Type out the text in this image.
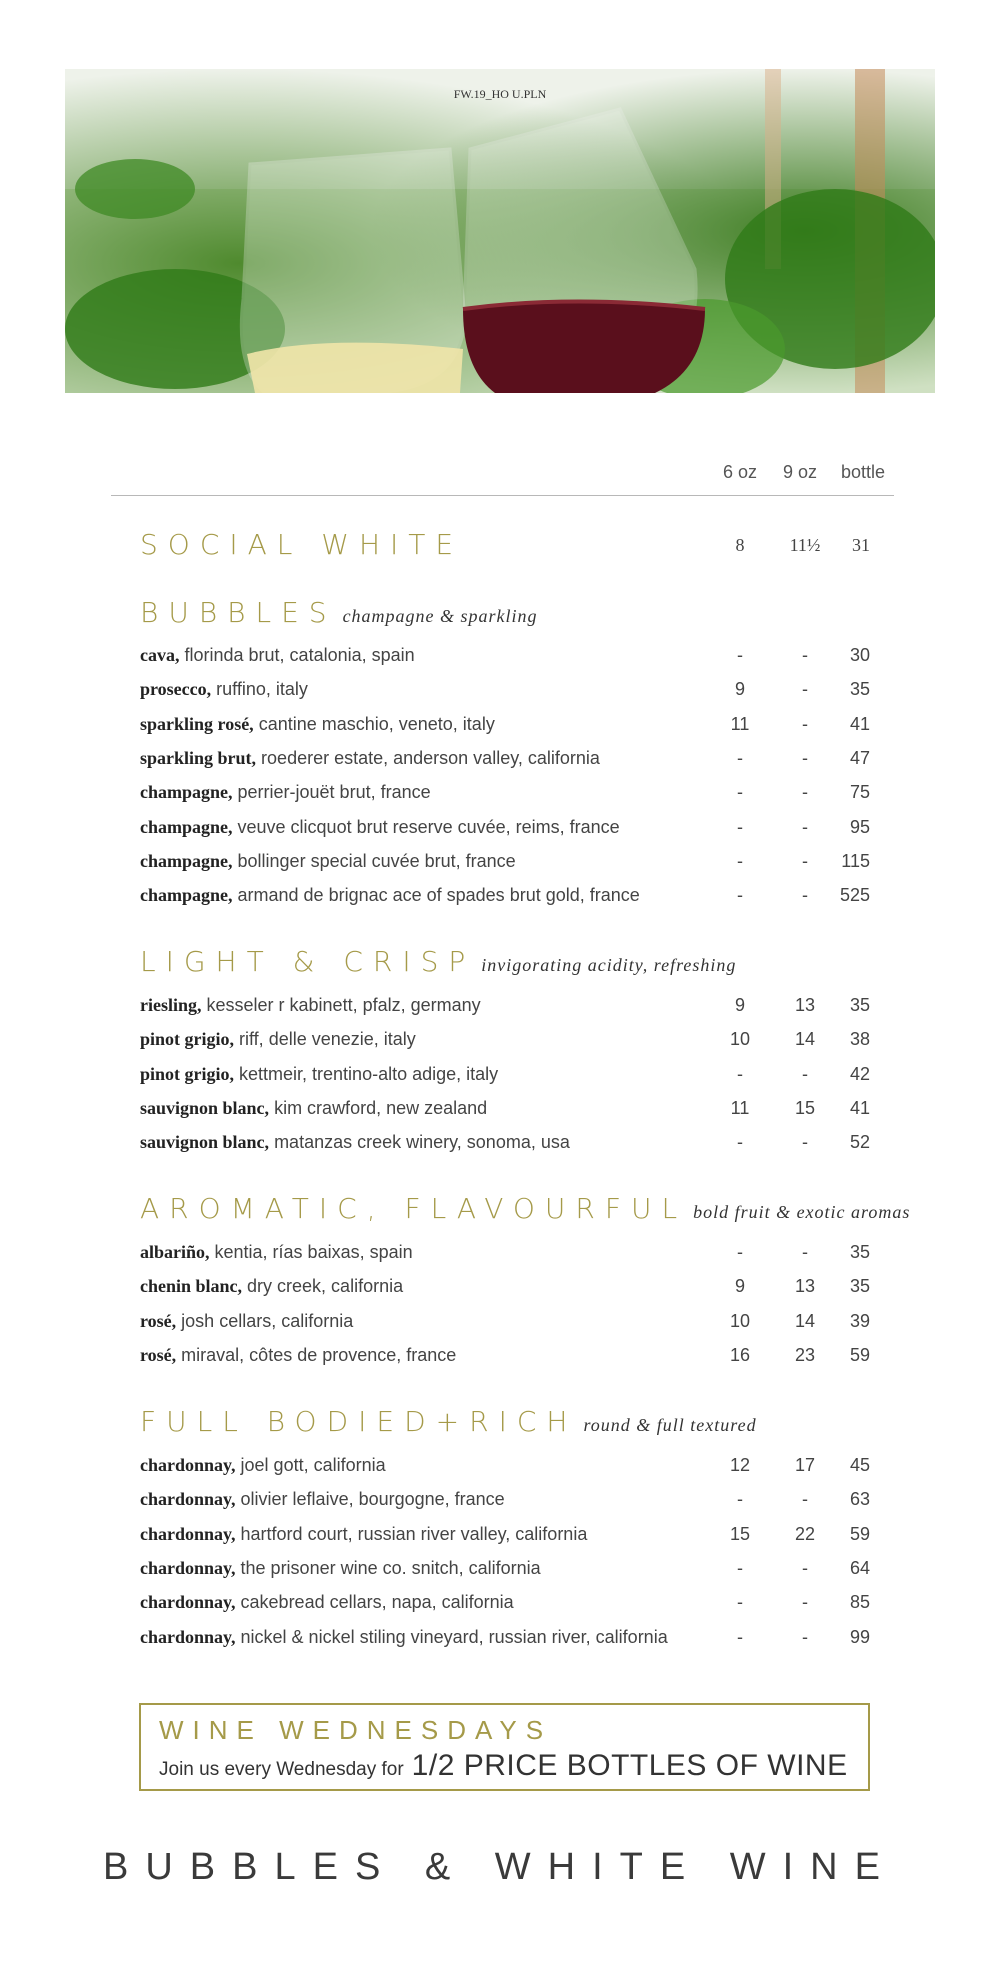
FW.19_HO U.PLN
6 oz	9 oz	bottle
SOCIAL WHITE	8	11½	31
BUBBLES champagne & sparkling
cava, florinda brut, catalonia, spain	-	-	30
prosecco, ruffino, italy	9	-	35
sparkling rosé, cantine maschio, veneto, italy	11	-	41
sparkling brut, roederer estate, anderson valley, california	-	-	47
champagne, perrier-jouët brut, france	-	-	75
champagne, veuve clicquot brut reserve cuvée, reims, france	-	-	95
champagne, bollinger special cuvée brut, france	-	-	115
champagne, armand de brignac ace of spades brut gold, france	-	-	525
LIGHT & CRISP invigorating acidity, refreshing
riesling, kesseler r kabinett, pfalz, germany	9	13	35
pinot grigio, riff, delle venezie, italy	10	14	38
pinot grigio, kettmeir, trentino-alto adige, italy	-	-	42
sauvignon blanc, kim crawford, new zealand	11	15	41
sauvignon blanc, matanzas creek winery, sonoma, usa	-	-	52
AROMATIC, FLAVOURFUL bold fruit & exotic aromas
albariño, kentia, rías baixas, spain	-	-	35
chenin blanc, dry creek, california	9	13	35
rosé, josh cellars, california	10	14	39
rosé, miraval, côtes de provence, france	16	23	59
FULL BODIED+RICH round & full textured
chardonnay, joel gott, california	12	17	45
chardonnay, olivier leflaive, bourgogne, france	-	-	63
chardonnay, hartford court, russian river valley, california	15	22	59
chardonnay, the prisoner wine co. snitch, california	-	-	64
chardonnay, cakebread cellars, napa, california	-	-	85
chardonnay, nickel & nickel stiling vineyard, russian river, california	-	-	99
WINE WEDNESDAYS
Join us every Wednesday for 1/2 PRICE BOTTLES OF WINE
BUBBLES & WHITE WINE
